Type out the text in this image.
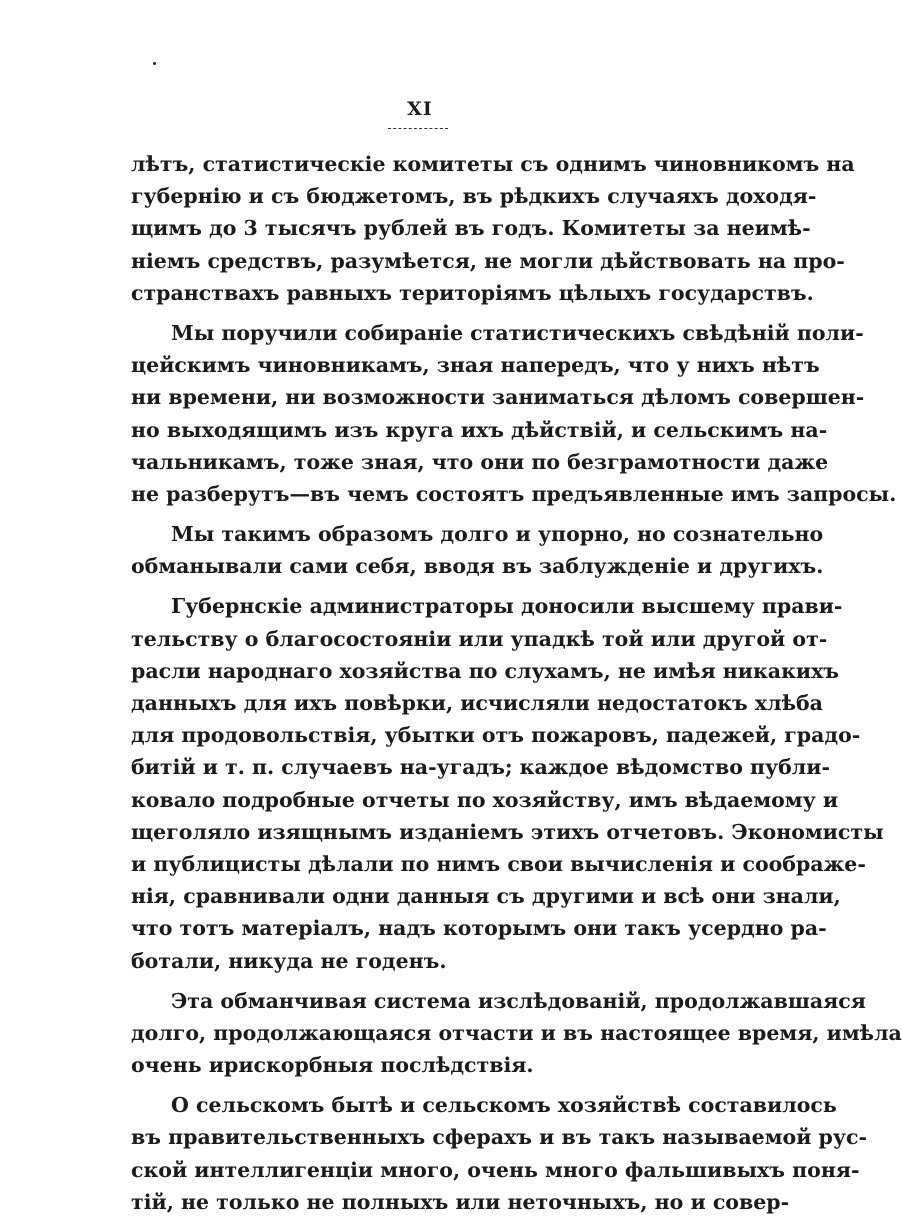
XI
лѣтъ, статистическіе комитеты съ однимъ чиновникомъ на
губернію и съ бюджетомъ, въ рѣдкихъ случаяхъ доходя-
щимъ до 3 тысячъ рублей въ годъ. Комитеты за неимѣ-
ніемъ средствъ, разумѣется, не могли дѣйствовать на про-
странствахъ равныхъ територіямъ цѣлыхъ государствъ.
Мы поручили собираніе статистическихъ свѣдѣній поли-
цейскимъ чиновникамъ, зная напередъ, что у нихъ нѣтъ
ни времени, ни возможности заниматься дѣломъ совершен-
но выходящимъ изъ круга ихъ дѣйствій, и сельскимъ на-
чальникамъ, тоже зная, что они по безграмотности даже
не разберутъ—въ чемъ состоятъ предъявленные имъ запросы.
Мы такимъ образомъ долго и упорно, но сознательно
обманывали сами себя, вводя въ заблужденіе и другихъ.
Губернскіе администраторы доносили высшему прави-
тельству о благосостояніи или упадкѣ той или другой от-
расли народнаго хозяйства по слухамъ, не имѣя никакихъ
данныхъ для ихъ повѣрки, исчисляли недостатокъ хлѣба
для продовольствія, убытки отъ пожаровъ, падежей, градо-
битій и т. п. случаевъ на-угадъ; каждое вѣдомство публи-
ковало подробные отчеты по хозяйству, имъ вѣдаемому и
щеголяло изящнымъ изданіемъ этихъ отчетовъ. Экономисты
и публицисты дѣлали по нимъ свои вычисленія и соображе-
нія, сравнивали одни данныя съ другими и всѣ они знали,
что тотъ матеріалъ, надъ которымъ они такъ усердно ра-
ботали, никуда не годенъ.
Эта обманчивая система изслѣдованій, продолжавшаяся
долго, продолжающаяся отчасти и въ настоящее время, имѣла
очень ирискорбныя послѣдствія.
О сельскомъ бытѣ и сельскомъ хозяйствѣ составилось
въ правительственныхъ сферахъ и въ такъ называемой рус-
ской интеллигенціи много, очень много фальшивыхъ поня-
тій, не только не полныхъ или неточныхъ, но и совер-
